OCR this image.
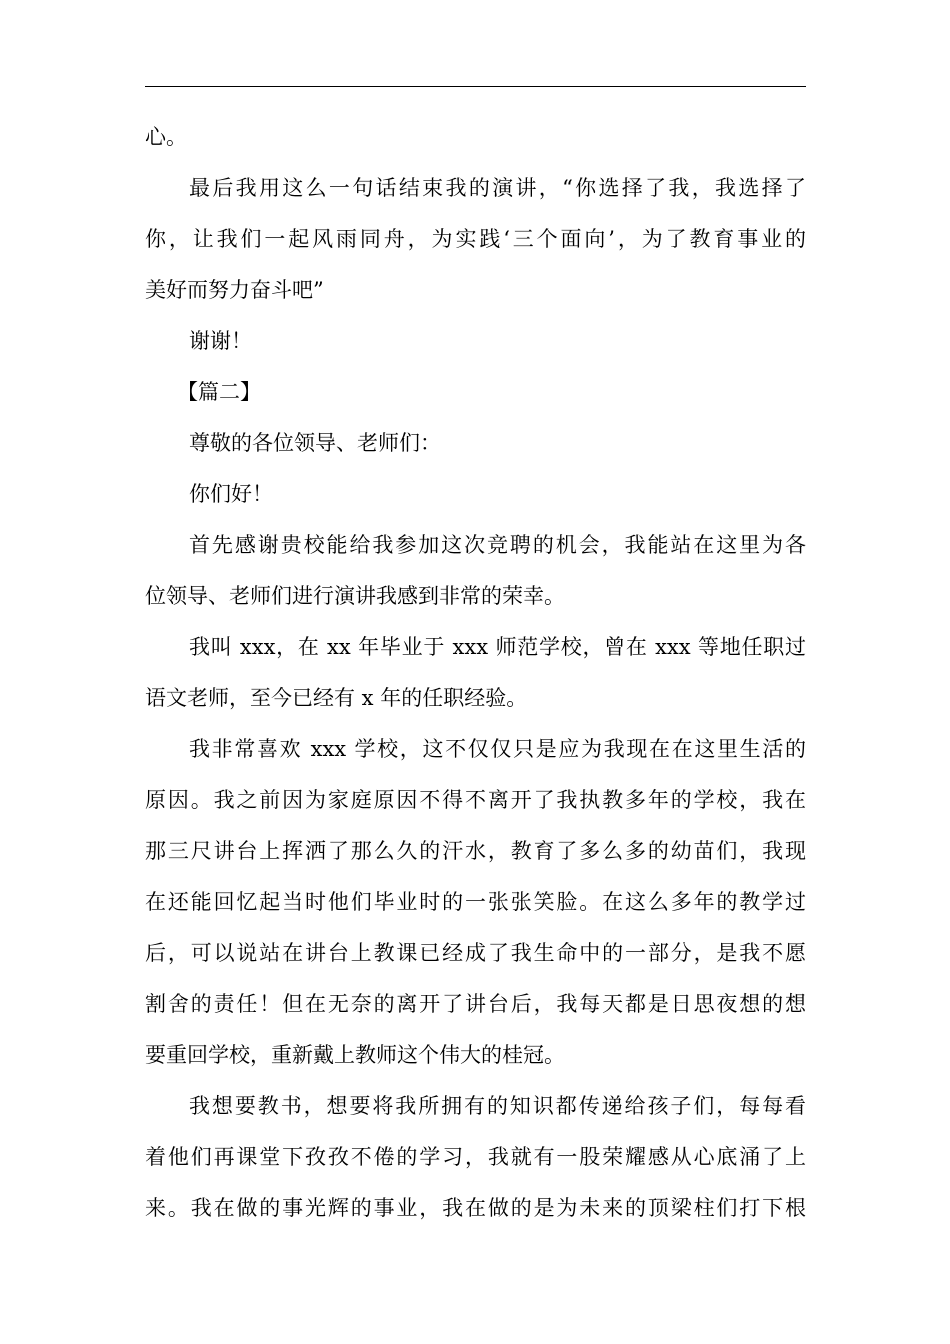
心。
最后我用这么一句话结束我的演讲，“你选择了我，我选择了
你，让我们一起风雨同舟，为实践‘三个面向’，为了教育事业的
美好而努力奋斗吧”
谢谢！
【篇二】
尊敬的各位领导、老师们：
你们好！
首先感谢贵校能给我参加这次竞聘的机会，我能站在这里为各
位领导、老师们进行演讲我感到非常的荣幸。
我叫 xxx，在 xx 年毕业于 xxx 师范学校，曾在 xxx 等地任职过
语文老师，至今已经有 x 年的任职经验。
我非常喜欢 xxx 学校，这不仅仅只是应为我现在在这里生活的
原因。我之前因为家庭原因不得不离开了我执教多年的学校，我在
那三尺讲台上挥洒了那么久的汗水，教育了多么多的幼苗们，我现
在还能回忆起当时他们毕业时的一张张笑脸。在这么多年的教学过
后，可以说站在讲台上教课已经成了我生命中的一部分，是我不愿
割舍的责任！但在无奈的离开了讲台后，我每天都是日思夜想的想
要重回学校，重新戴上教师这个伟大的桂冠。
我想要教书，想要将我所拥有的知识都传递给孩子们，每每看
着他们再课堂下孜孜不倦的学习，我就有一股荣耀感从心底涌了上
来。我在做的事光辉的事业，我在做的是为未来的顶梁柱们打下根
